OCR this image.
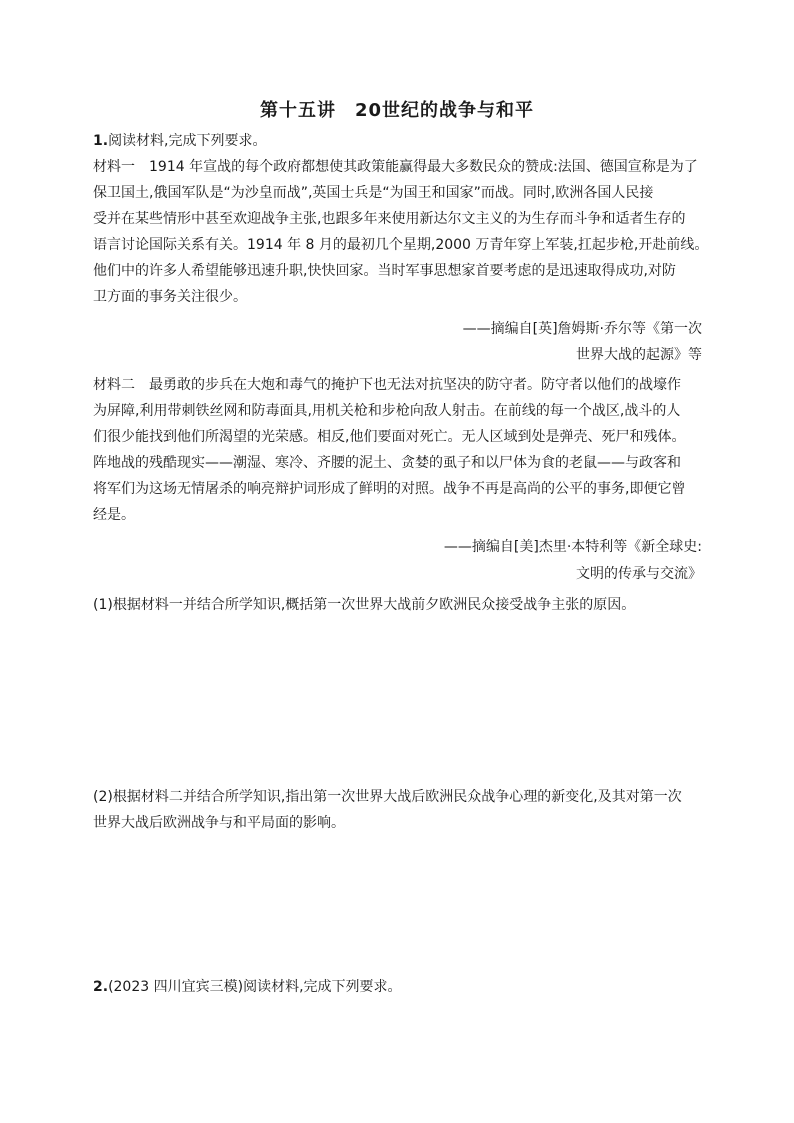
第十五讲　20世纪的战争与和平
1.阅读材料,完成下列要求。
材料一　1914 年宣战的每个政府都想使其政策能赢得最大多数民众的赞成:法国、德国宣称是为了
保卫国土,俄国军队是“为沙皇而战”,英国士兵是“为国王和国家”而战。同时,欧洲各国人民接
受并在某些情形中甚至欢迎战争主张,也跟多年来使用新达尔文主义的为生存而斗争和适者生存的
语言讨论国际关系有关。1914 年 8 月的最初几个星期,2000 万青年穿上军装,扛起步枪,开赴前线。
他们中的许多人希望能够迅速升职,快快回家。当时军事思想家首要考虑的是迅速取得成功,对防
卫方面的事务关注很少。
——摘编自[英]詹姆斯·乔尔等《第一次
世界大战的起源》等
材料二　最勇敢的步兵在大炮和毒气的掩护下也无法对抗坚决的防守者。防守者以他们的战壕作
为屏障,利用带刺铁丝网和防毒面具,用机关枪和步枪向敌人射击。在前线的每一个战区,战斗的人
们很少能找到他们所渴望的光荣感。相反,他们要面对死亡。无人区域到处是弹壳、死尸和残体。
阵地战的残酷现实——潮湿、寒冷、齐腰的泥土、贪婪的虱子和以尸体为食的老鼠——与政客和
将军们为这场无情屠杀的响亮辩护词形成了鲜明的对照。战争不再是高尚的公平的事务,即便它曾
经是。
——摘编自[美]杰里·本特利等《新全球史:
文明的传承与交流》
(1)根据材料一并结合所学知识,概括第一次世界大战前夕欧洲民众接受战争主张的原因。
(2)根据材料二并结合所学知识,指出第一次世界大战后欧洲民众战争心理的新变化,及其对第一次
世界大战后欧洲战争与和平局面的影响。
2.(2023 四川宜宾三模)阅读材料,完成下列要求。
